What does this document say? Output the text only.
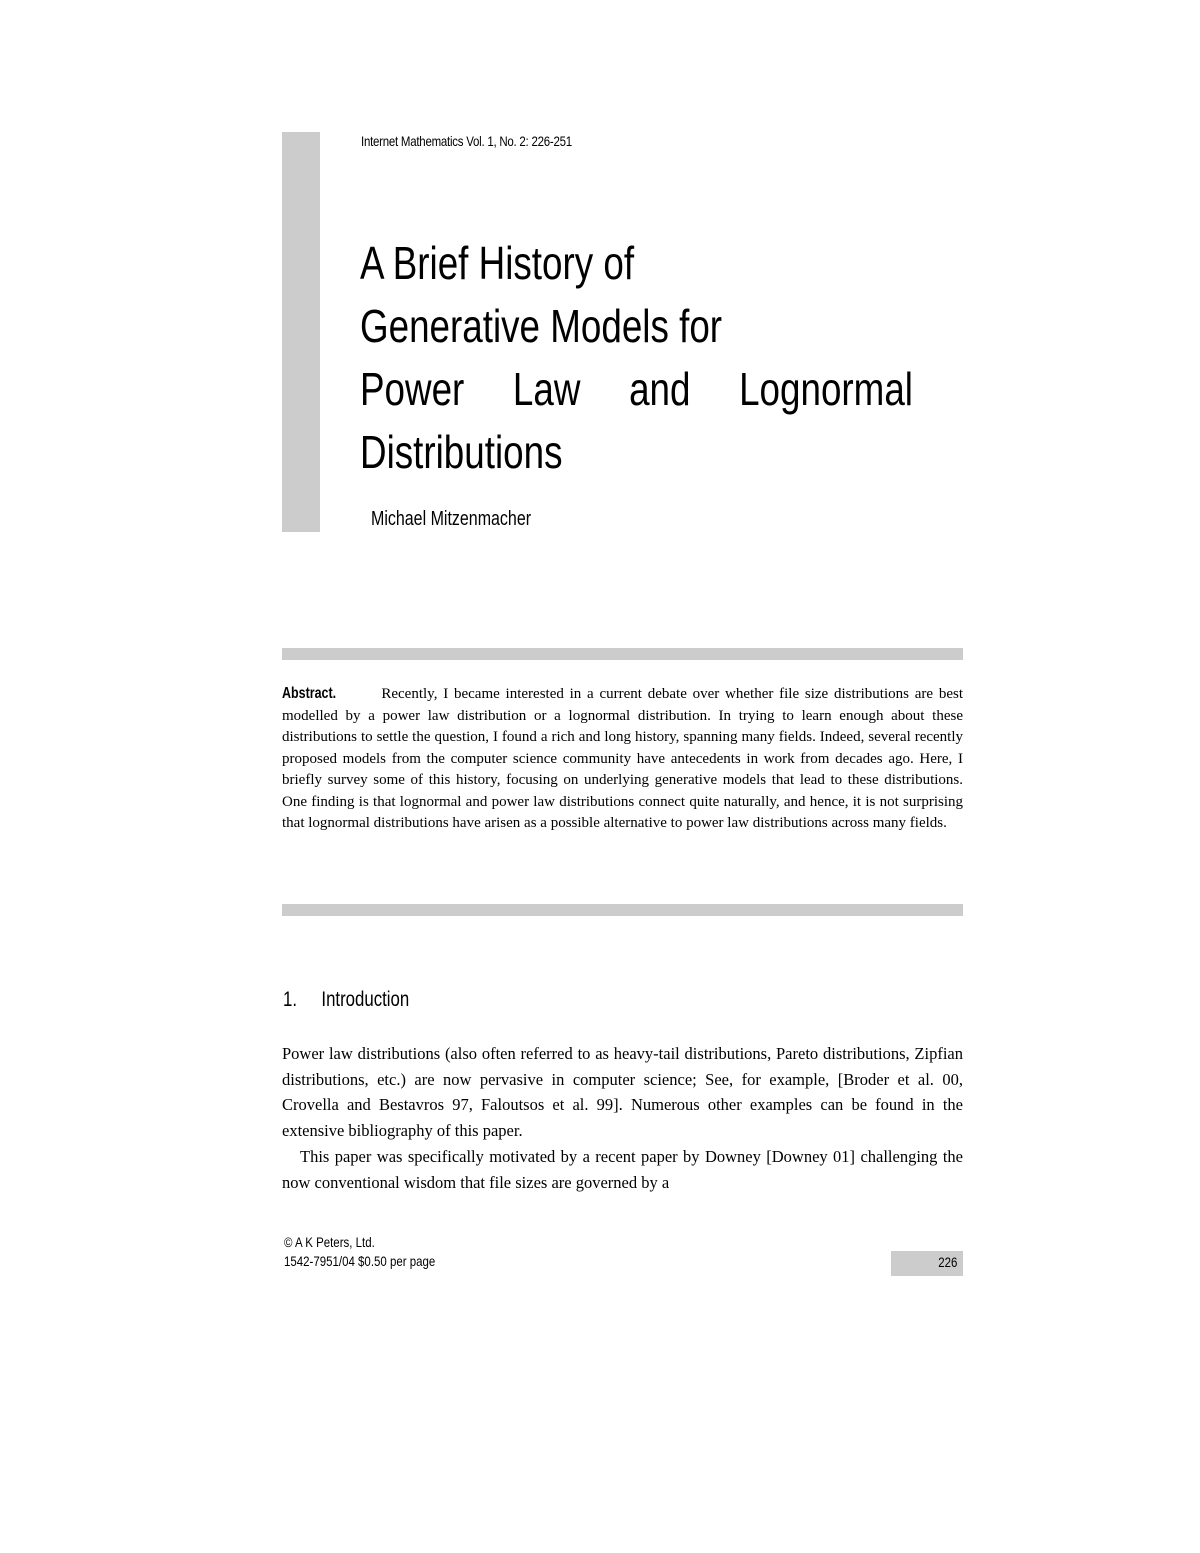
Internet Mathematics Vol. 1, No. 2: 226-251
A Brief History of
Generative Models for
Power Law and Lognormal
Distributions
Michael Mitzenmacher
Abstract.	Recently, I became interested in a current debate over whether file size distributions are best modelled by a power law distribution or a lognormal distribution. In trying to learn enough about these distributions to settle the question, I found a rich and long history, spanning many fields. Indeed, several recently proposed models from the computer science community have antecedents in work from decades ago. Here, I briefly survey some of this history, focusing on underlying generative models that lead to these distributions. One finding is that lognormal and power law distributions connect quite naturally, and hence, it is not surprising that lognormal distributions have arisen as a possible alternative to power law distributions across many fields.
1. Introduction

Power law distributions (also often referred to as heavy-tail distributions, Pareto distributions, Zipfian distributions, etc.) are now pervasive in computer science; See, for example, [Broder et al. 00, Crovella and Bestavros 97, Faloutsos et al. 99]. Numerous other examples can be found in the extensive bibliography of this paper.

This paper was specifically motivated by a recent paper by Downey [Downey 01] challenging the now conventional wisdom that file sizes are governed by a

© A K Peters, Ltd.
1542-7951/04 $0.50 per page	226
